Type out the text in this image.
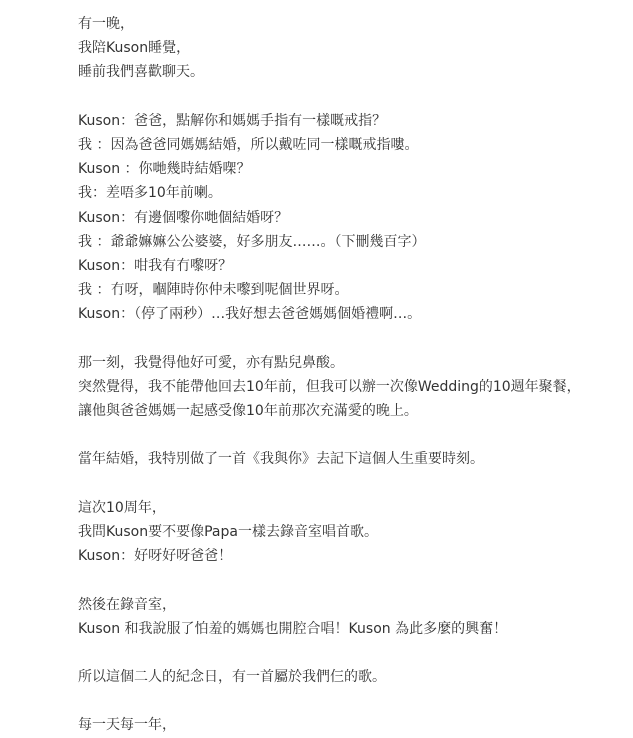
有一晚，
我陪Kuson睡覺，
睡前我們喜歡聊天。
Kuson：爸爸，點解你和媽媽手指有一樣嘅戒指？
我 ：因為爸爸同媽媽結婚，所以戴咗同一樣嘅戒指嘍。
Kuson ：你哋幾時結婚㗎？
我：差唔多10年前喇。
Kuson：有邊個嚟你哋個結婚呀？
我 ：爺爺嫲嫲公公婆婆，好多朋友……。（下刪幾百字）
Kuson：咁我有冇嚟呀？
我 ：冇呀，嗰陣時你仲未嚟到呢個世界呀。
Kuson：（停了兩秒）…我好想去爸爸媽媽個婚禮啊…。
那一刻，我覺得他好可愛，亦有點兒鼻酸。
突然覺得，我不能帶他回去10年前，但我可以辦一次像Wedding的10週年聚餐，
讓他與爸爸媽媽一起感受像10年前那次充滿愛的晚上。
當年結婚，我特別做了一首《我與你》去記下這個人生重要時刻。
這次10周年，
我問Kuson要不要像Papa一樣去錄音室唱首歌。
Kuson：好呀好呀爸爸！
然後在錄音室，
Kuson 和我說服了怕羞的媽媽也開腔合唱！Kuson 為此多麼的興奮！
所以這個二人的紀念日，有一首屬於我們仨的歌。
每一天每一年，
